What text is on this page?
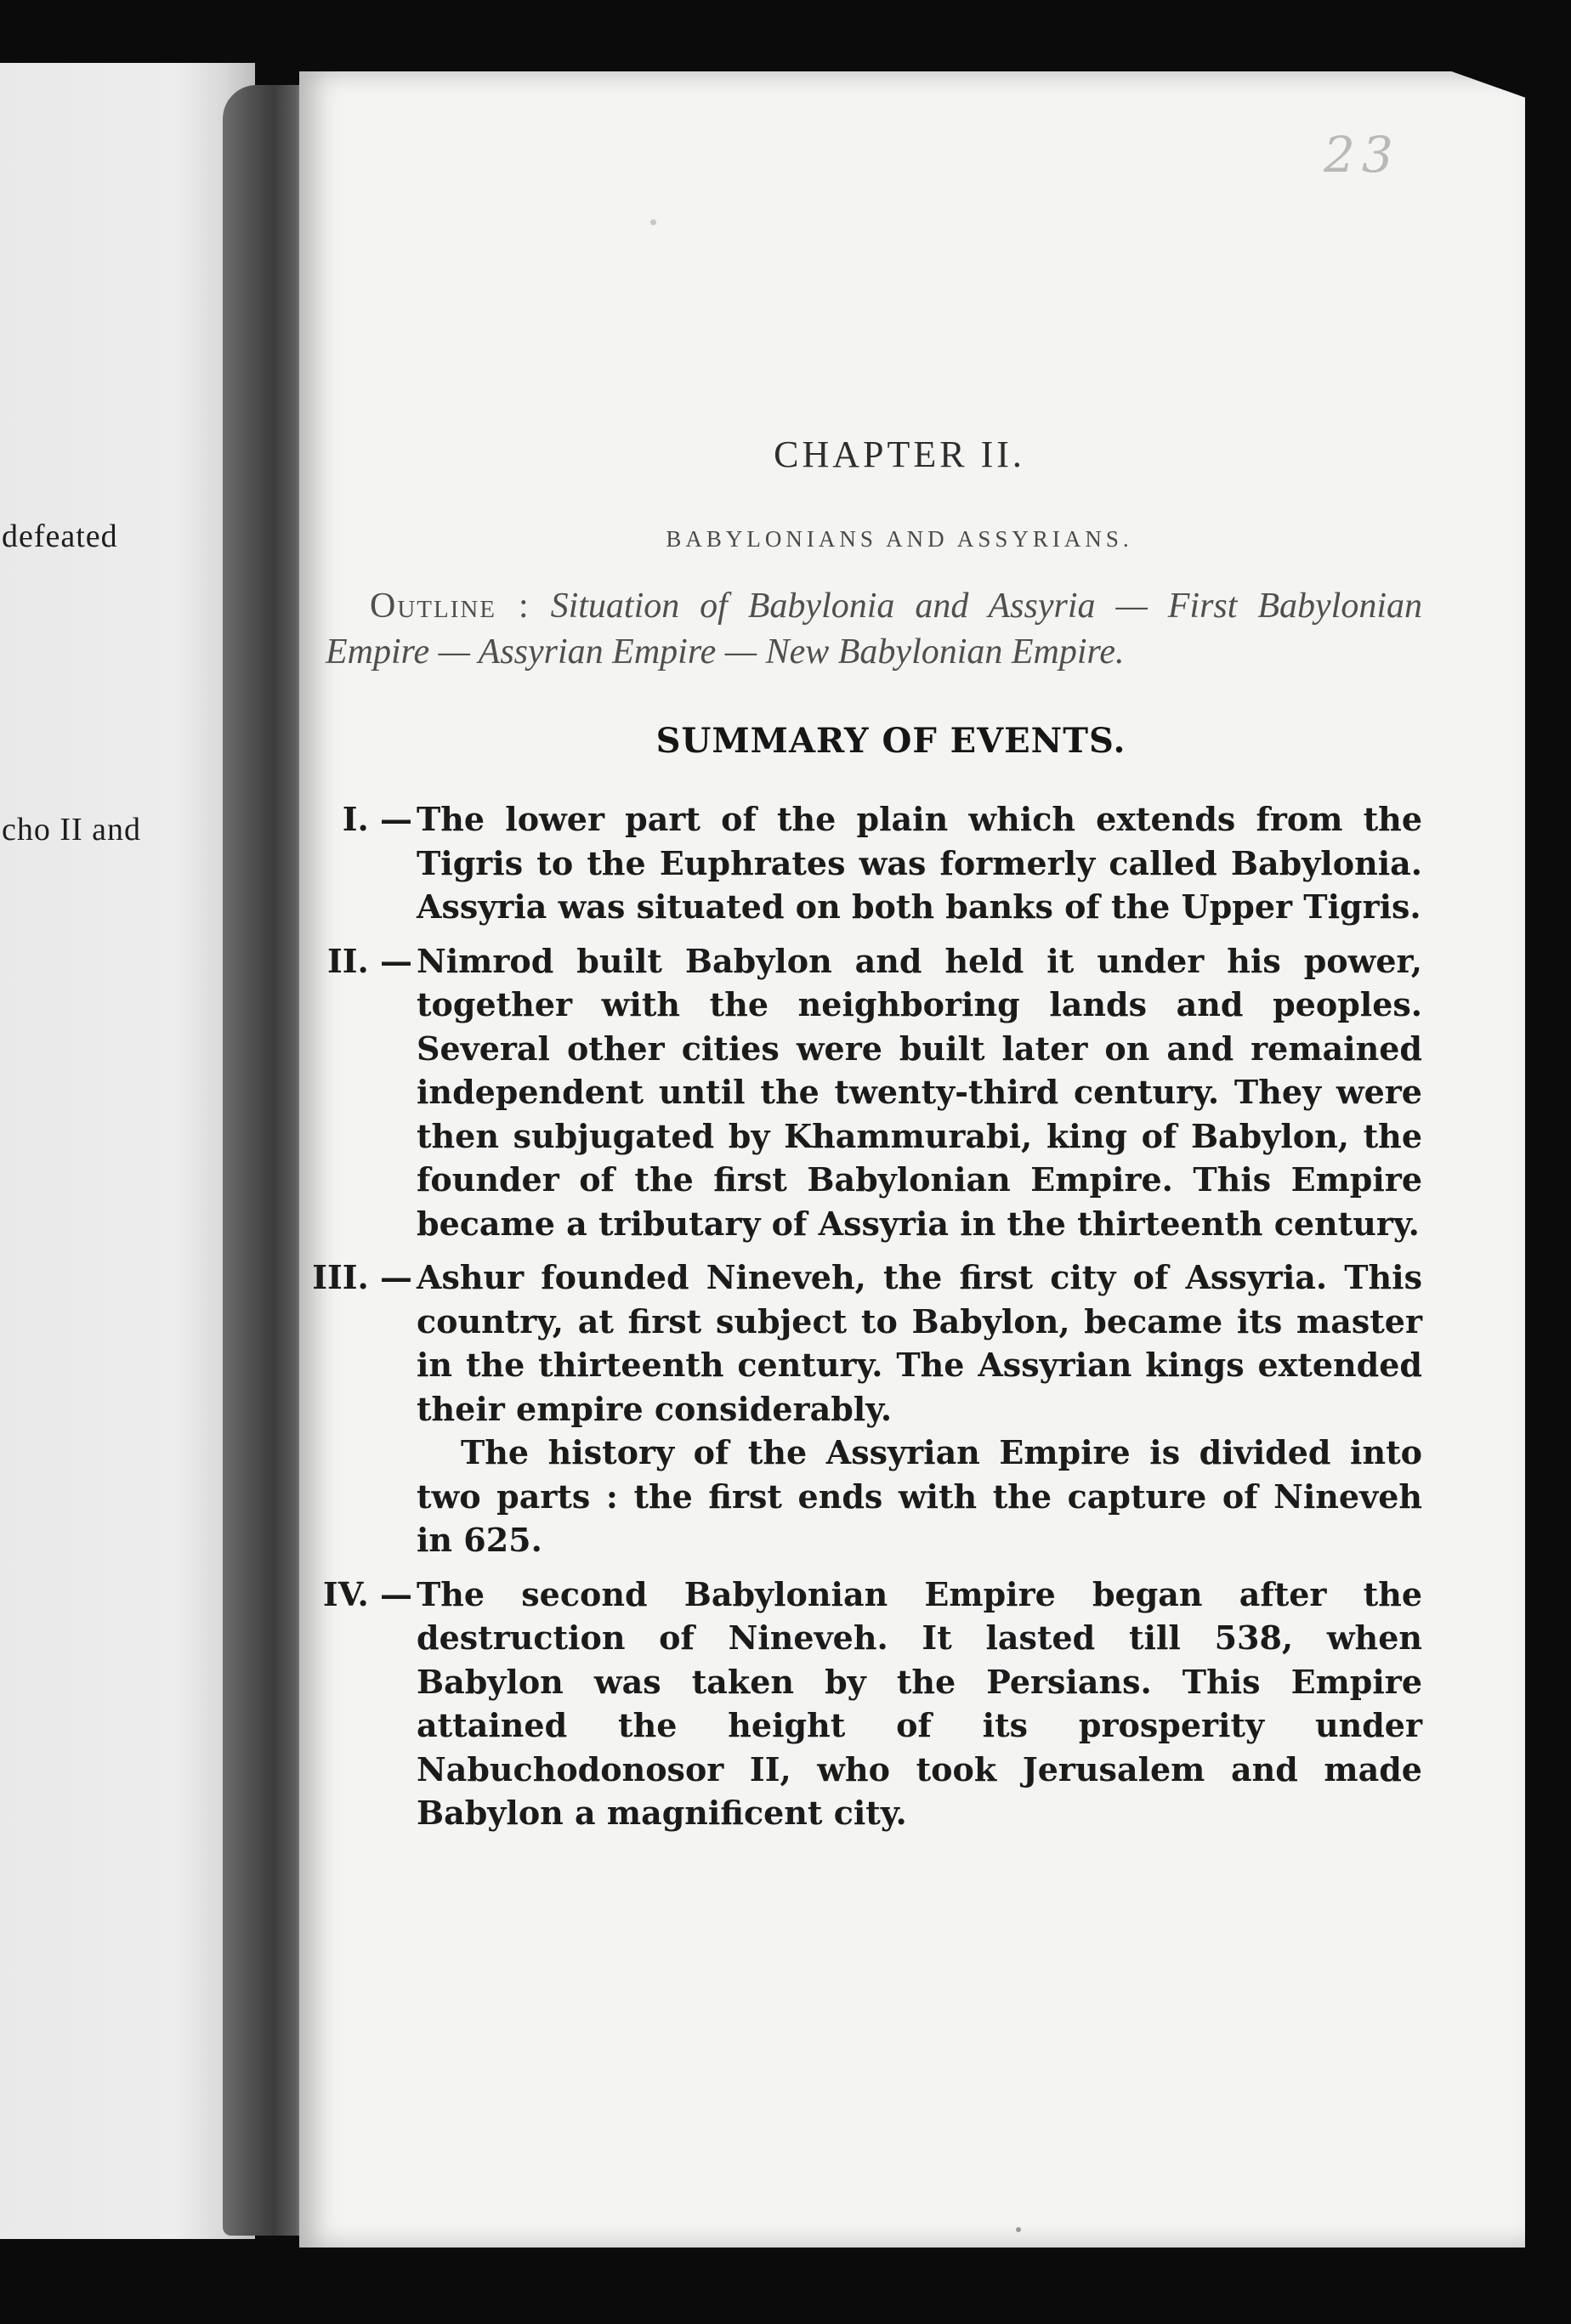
defeated
cho II and
23
CHAPTER II.
BABYLONIANS AND ASSYRIANS.
Outline : Situation of Babylonia and Assyria — First Babylonian Empire — Assyrian Empire — New Babylonian Empire.
SUMMARY OF EVENTS.
I. — The lower part of the plain which extends from the Tigris to the Euphrates was formerly called Babylonia. Assyria was situated on both banks of the Upper Tigris.

II. — Nimrod built Babylon and held it under his power, together with the neighboring lands and peoples. Several other cities were built later on and remained independent until the twenty-third century. They were then subjugated by Khammurabi, king of Babylon, the founder of the first Babylonian Empire. This Empire became a tributary of Assyria in the thirteenth century.

III. — Ashur founded Nineveh, the first city of Assyria. This country, at first subject to Babylon, became its master in the thirteenth century. The Assyrian kings extended their empire considerably.

The history of the Assyrian Empire is divided into two parts : the first ends with the capture of Nineveh in 625.

IV. — The second Babylonian Empire began after the destruction of Nineveh. It lasted till 538, when Babylon was taken by the Persians. This Empire attained the height of its prosperity under Nabuchodonosor II, who took Jerusalem and made Babylon a magnificent city.
